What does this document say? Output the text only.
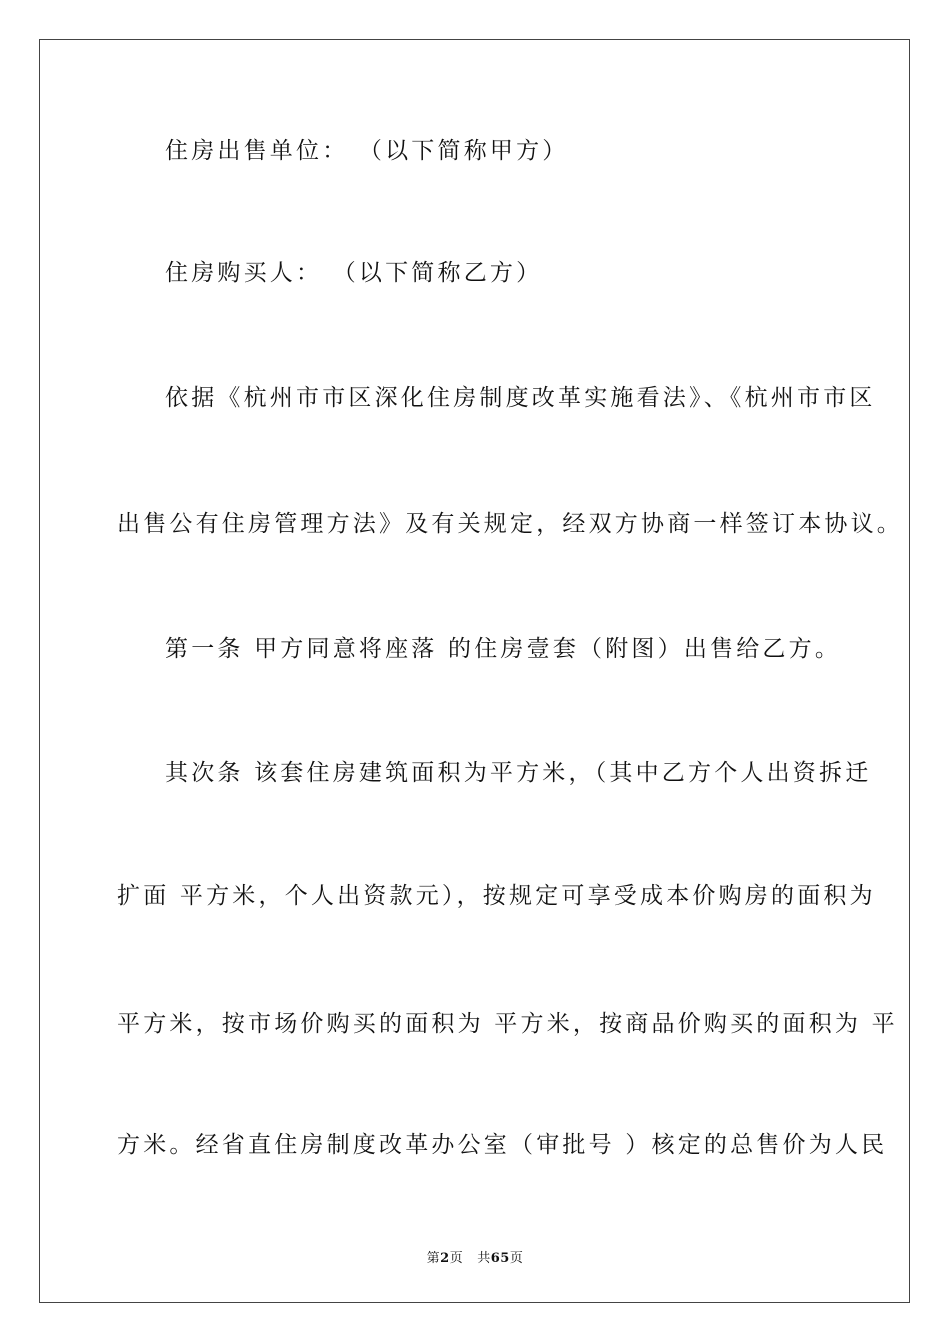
住房出售单位： （以下简称甲方）
住房购买人： （以下简称乙方）
依据《杭州市市区深化住房制度改革实施看法》、《杭州市市区
出售公有住房管理方法》及有关规定，经双方协商一样签订本协议。
第一条 甲方同意将座落 的住房壹套（附图）出售给乙方。
其次条 该套住房建筑面积为平方米，（其中乙方个人出资拆迁
扩面 平方米，个人出资款元），按规定可享受成本价购房的面积为
平方米，按市场价购买的面积为 平方米，按商品价购买的面积为 平
方米。经省直住房制度改革办公室（审批号 ）核定的总售价为人民
第2页 共65页
